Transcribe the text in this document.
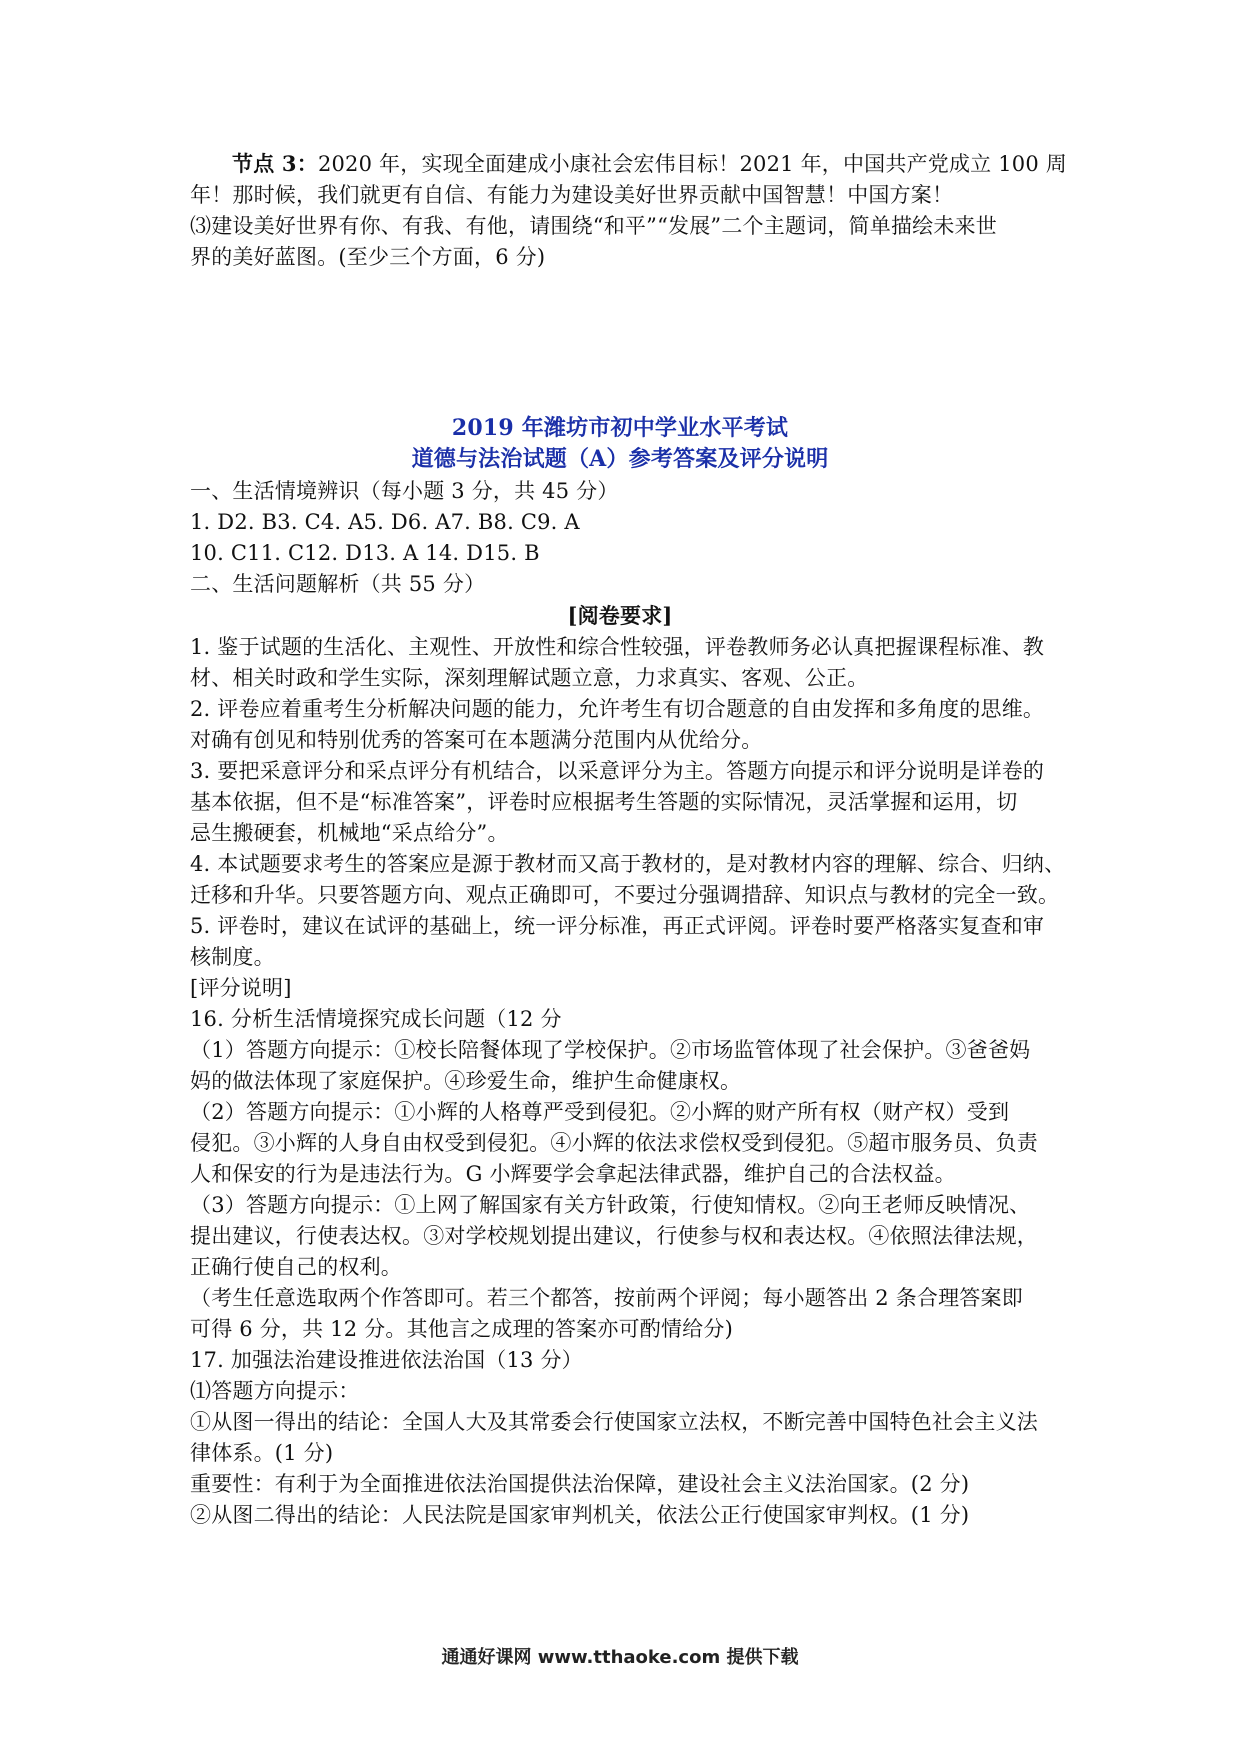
节点 3：2020 年，实现全面建成小康社会宏伟目标！2021 年，中国共产党成立 100 周
年！那时候，我们就更有自信、有能力为建设美好世界贡献中国智慧！中国方案！
⑶建设美好世界有你、有我、有他，请围绕“和平”“发展”二个主题词，简单描绘未来世
界的美好蓝图。(至少三个方面，6 分)
2019 年潍坊市初中学业水平考试
道德与法治试题（A）参考答案及评分说明
一、生活情境辨识（每小题 3 分，共 45 分）
1. D2. B3. C4. A5. D6. A7. B8. C9. A
10. C11. C12. D13. A 14. D15. B
二、生活问题解析（共 55 分）
[阅卷要求]
1. 鉴于试题的生活化、主观性、开放性和综合性较强，评卷教师务必认真把握课程标准、教
材、相关时政和学生实际，深刻理解试题立意，力求真实、客观、公正。
2. 评卷应着重考生分析解决问题的能力，允许考生有切合题意的自由发挥和多角度的思维。
对确有创见和特别优秀的答案可在本题满分范围内从优给分。
3. 要把采意评分和采点评分有机结合，以采意评分为主。答题方向提示和评分说明是详卷的
基本依据，但不是“标准答案”，评卷时应根据考生答题的实际情况，灵活掌握和运用，切
忌生搬硬套，机械地“采点给分”。
4. 本试题要求考生的答案应是源于教材而又高于教材的，是对教材内容的理解、综合、归纳、
迁移和升华。只要答题方向、观点正确即可，不要过分强调措辞、知识点与教材的完全一致。
5. 评卷时，建议在试评的基础上，统一评分标准，再正式评阅。评卷时要严格落实复查和审
核制度。
[评分说明]
16. 分析生活情境探究成长问题（12 分
（1）答题方向提示：①校长陪餐体现了学校保护。②市场监管体现了社会保护。③爸爸妈
妈的做法体现了家庭保护。④珍爱生命，维护生命健康权。
（2）答题方向提示：①小辉的人格尊严受到侵犯。②小辉的财产所有权（财产权）受到
侵犯。③小辉的人身自由权受到侵犯。④小辉的依法求偿权受到侵犯。⑤超市服务员、负责
人和保安的行为是违法行为。G 小辉要学会拿起法律武器，维护自己的合法权益。
（3）答题方向提示：①上网了解国家有关方针政策，行使知情权。②向王老师反映情况、
提出建议，行使表达权。③对学校规划提出建议，行使参与权和表达权。④依照法律法规，
正确行使自己的权利。
（考生任意选取两个作答即可。若三个都答，按前两个评阅；每小题答出 2 条合理答案即
可得 6 分，共 12 分。其他言之成理的答案亦可酌情给分)
17. 加强法治建设推进依法治国（13 分）
⑴答题方向提示：
①从图一得出的结论：全国人大及其常委会行使国家立法权，不断完善中国特色社会主义法
律体系。(1 分)
重要性：有利于为全面推进依法治国提供法治保障，建设社会主义法治国家。(2 分)
②从图二得出的结论：人民法院是国家审判机关，依法公正行使国家审判权。(1 分)
通通好课网 www.tthaoke.com 提供下载
